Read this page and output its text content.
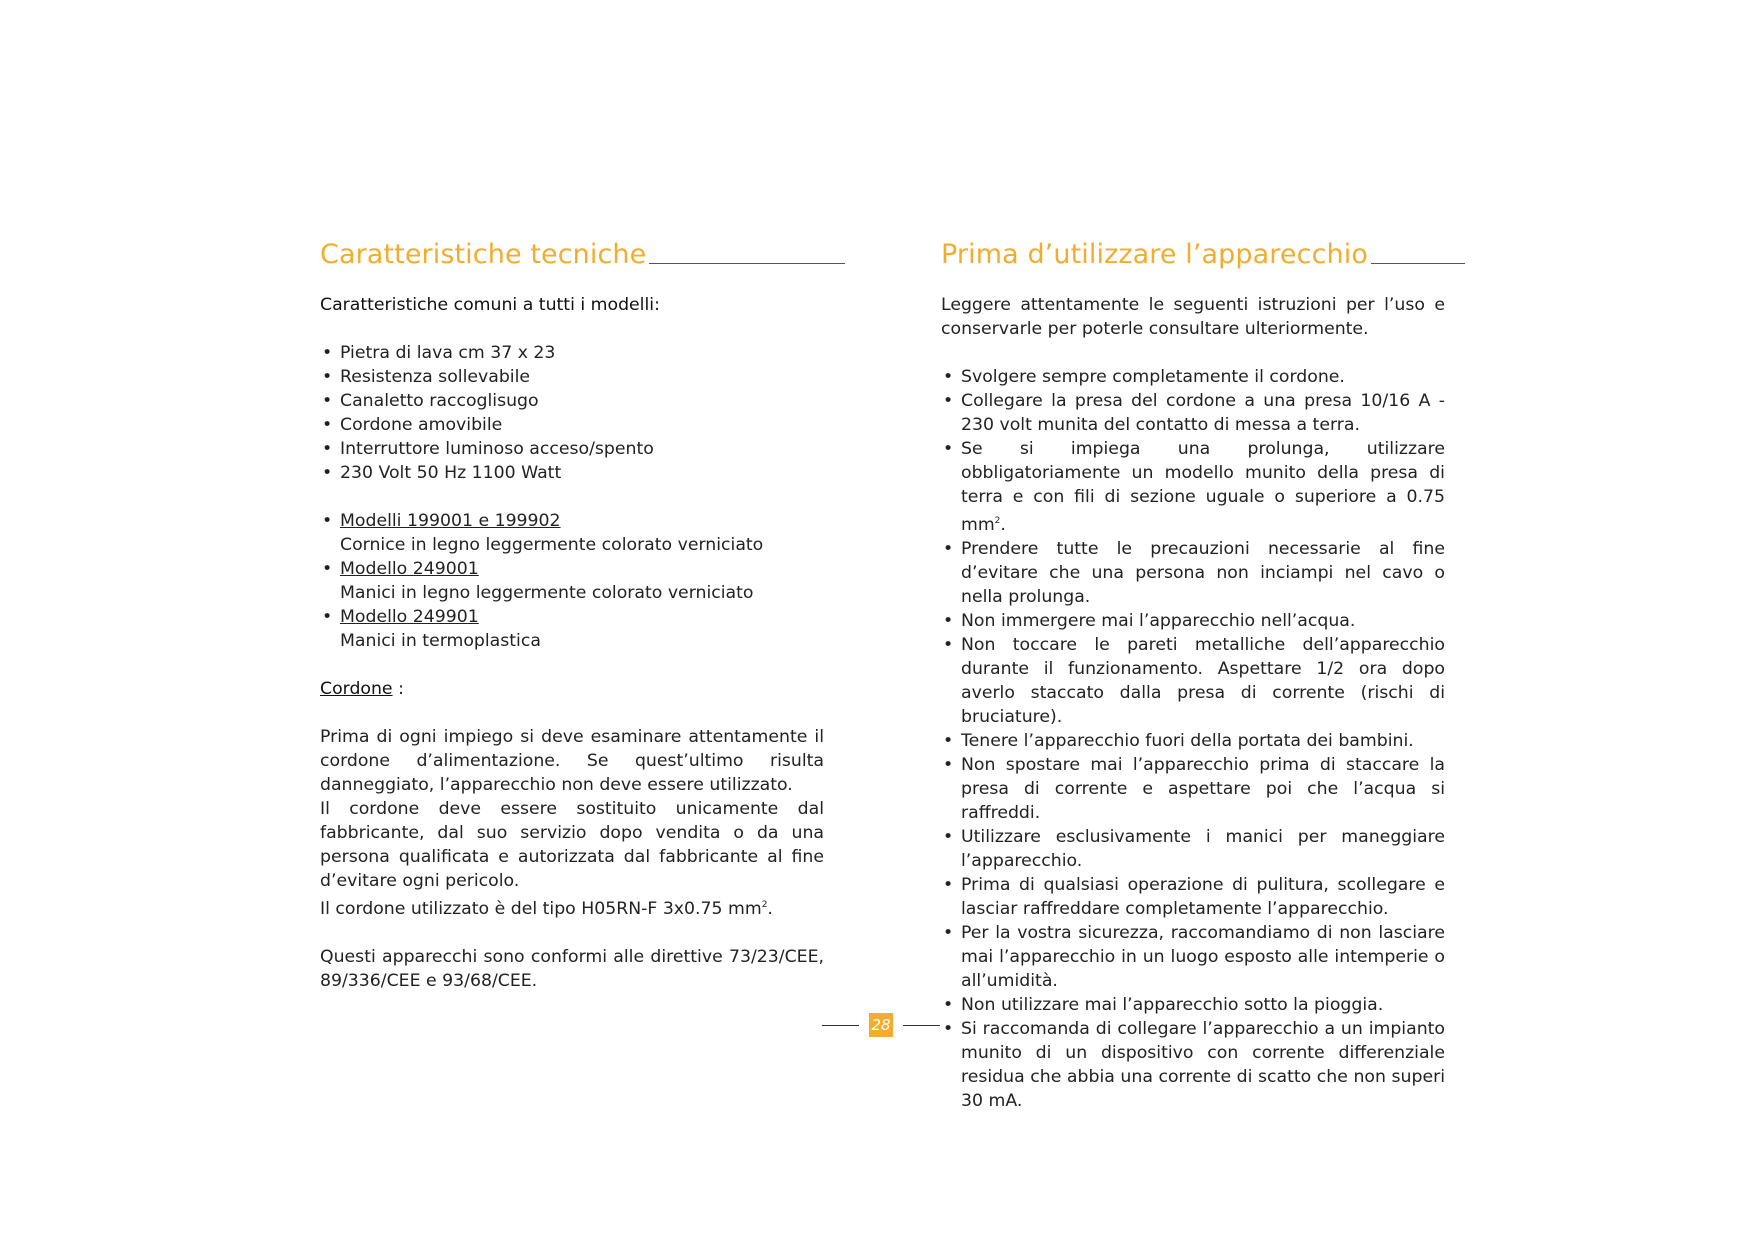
Caratteristiche tecniche
Caratteristiche comuni a tutti i modelli:
• Pietra di lava cm 37 x 23
• Resistenza sollevabile
• Canaletto raccoglisugo
• Cordone amovibile
• Interruttore luminoso acceso/spento
• 230 Volt 50 Hz 1100 Watt
• Modelli 199001 e 199902
Cornice in legno leggermente colorato verniciato
• Modello 249001
Manici in legno leggermente colorato verniciato
• Modello 249901
Manici in termoplastica
Cordone :
Prima di ogni impiego si deve esaminare attentamente il cordone d’alimentazione. Se quest’ultimo risulta danneggiato, l’apparecchio non deve essere utilizzato.
Il cordone deve essere sostituito unicamente dal fabbricante, dal suo servizio dopo vendita o da una persona qualificata e autorizzata dal fabbricante al fine d’evitare ogni pericolo.
Il cordone utilizzato è del tipo H05RN-F 3x0.75 $mm^2$.
Questi apparecchi sono conformi alle direttive 73/23/CEE, 89/336/CEE e 93/68/CEE.
Prima d’utilizzare l’apparecchio
Leggere attentamente le seguenti istruzioni per l’uso e conservarle per poterle consultare ulteriormente.
• Svolgere sempre completamente il cordone.
• Collegare la presa del cordone a una presa 10/16 A - 230 volt munita del contatto di messa a terra.
• Se si impiega una prolunga, utilizzare obbligatoriamente un modello munito della presa di terra e con fili di sezione uguale o superiore a 0.75 $mm^2$.
• Prendere tutte le precauzioni necessarie al fine d’evitare che una persona non inciampi nel cavo o nella prolunga.
• Non immergere mai l’apparecchio nell’acqua.
• Non toccare le pareti metalliche dell’apparecchio durante il funzionamento. Aspettare 1/2 ora dopo averlo staccato dalla presa di corrente (rischi di bruciature).
• Tenere l’apparecchio fuori della portata dei bambini.
• Non spostare mai l’apparecchio prima di staccare la presa di corrente e aspettare poi che l’acqua si raffreddi.
• Utilizzare esclusivamente i manici per maneggiare l’apparecchio.
• Prima di qualsiasi operazione di pulitura, scollegare e lasciar raffreddare completamente l’apparecchio.
• Per la vostra sicurezza, raccomandiamo di non lasciare mai l’apparecchio in un luogo esposto alle intemperie o all’umidità.
• Non utilizzare mai l’apparecchio sotto la pioggia.
• Si raccomanda di collegare l’apparecchio a un impianto munito di un dispositivo con corrente differenziale residua che abbia una corrente di scatto che non superi 30 mA.
28
